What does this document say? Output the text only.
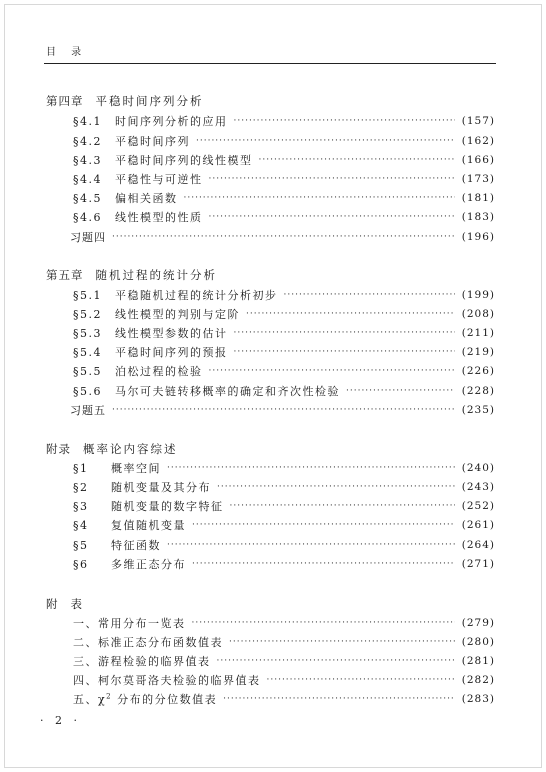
目 录
第四章 平稳时间序列分析
§4.1 时间序列分析的应用 ·····	(157)
§4.2 平稳时间序列 ·····	(162)
§4.3 平稳时间序列的线性模型 ·····	(166)
§4.4 平稳性与可逆性 ·····	(173)
§4.5 偏相关函数 ·····	(181)
§4.6 线性模型的性质 ·····	(183)
习题四 ·····	(196)
第五章 随机过程的统计分析
§5.1 平稳随机过程的统计分析初步 ·····	(199)
§5.2 线性模型的判别与定阶 ·····	(208)
§5.3 线性模型参数的估计 ·····	(211)
§5.4 平稳时间序列的预报 ·····	(219)
§5.5 泊松过程的检验 ·····	(226)
§5.6 马尔可夫链转移概率的确定和齐次性检验 ·····	(228)
习题五 ·····	(235)
附录 概率论内容综述
§1	概率空间 ·····	(240)
§2	随机变量及其分布 ·····	(243)
§3	随机变量的数字特征 ·····	(252)
§4	复值随机变量 ·····	(261)
§5	特征函数 ·····	(264)
§6	多维正态分布 ·····	(271)
附 表
一、常用分布一览表 ·····	(279)
二、标准正态分布函数值表 ·····	(280)
三、游程检验的临界值表 ·····	(281)
四、柯尔莫哥洛夫检验的临界值表 ·····	(282)
五、$\chi^2$ 分布的分位数值表 ·····	(283)
· 2 ·
